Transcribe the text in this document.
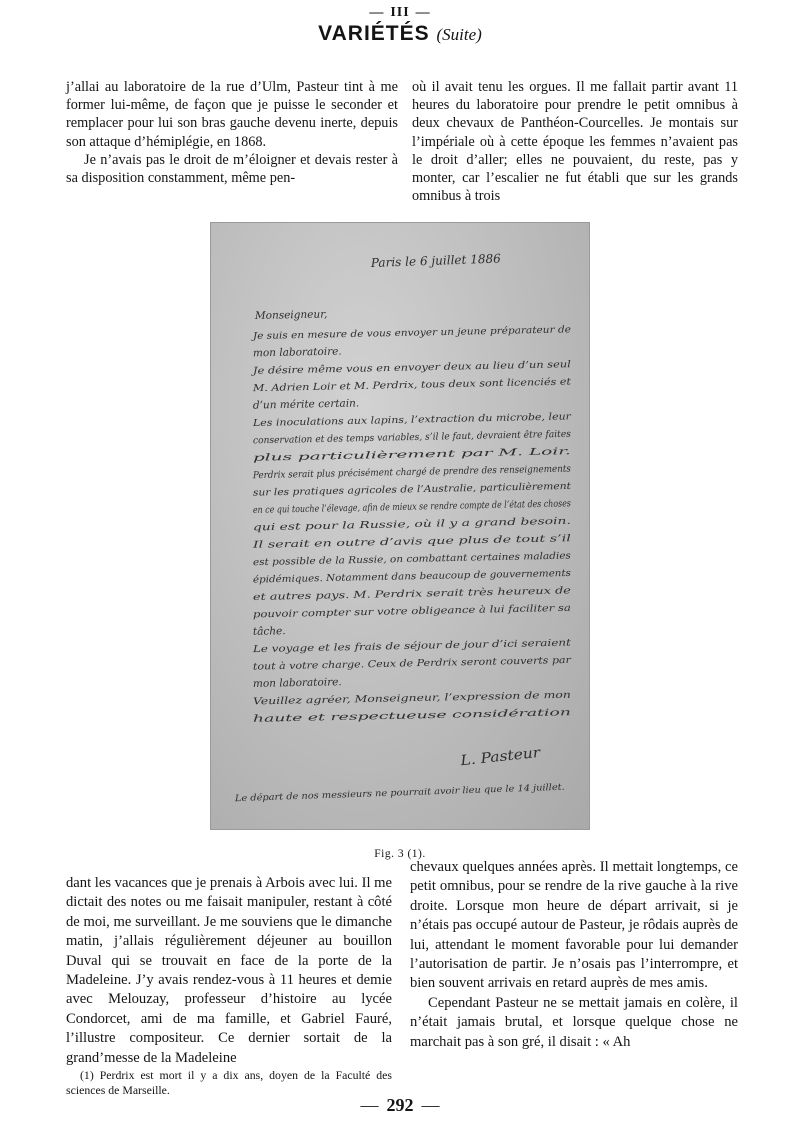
— III —
VARIÉTÉS (Suite)

j’allai au laboratoire de la rue d’Ulm, Pasteur tint à me former lui-même, de façon que je puisse le seconder et remplacer pour lui son bras gauche devenu inerte, depuis son attaque d’hémiplégie, en 1868.

Je n’avais pas le droit de m’éloigner et devais rester à sa disposition constamment, même pen-

où il avait tenu les orgues. Il me fallait partir avant 11 heures du laboratoire pour prendre le petit omnibus à deux chevaux de Panthéon-Courcelles. Je montais sur l’impériale où à cette époque les femmes n’avaient pas le droit d’aller; elles ne pouvaient, du reste, pas y monter, car l’escalier ne fut établi que sur les grands omnibus à trois

Paris le 6 juillet 1886
Monseigneur,
Je suis en mesure de vous envoyer un jeune préparateur de
mon laboratoire.
Je désire même vous en envoyer deux au lieu d’un seul
M. Adrien Loir et M. Perdrix, tous deux sont licenciés et
d’un mérite certain.
Les inoculations aux lapins, l’extraction du microbe, leur
conservation et des temps variables, s’il le faut, devraient être faites
plus particulièrement par M. Loir.
Perdrix serait plus précisément chargé de prendre des renseignements
sur les pratiques agricoles de l’Australie, particulièrement
en ce qui touche l’élevage, afin de mieux se rendre compte de l’état des choses
qui est pour la Russie, où il y a grand besoin.
Il serait en outre d’avis que plus de tout s’il
est possible de la Russie, on combattant certaines maladies
épidémiques. Notamment dans beaucoup de gouvernements
et autres pays. M. Perdrix serait très heureux de
pouvoir compter sur votre obligeance à lui faciliter sa
tâche.
Le voyage et les frais de séjour de jour d’ici seraient
tout à votre charge. Ceux de Perdrix seront couverts par
mon laboratoire.
Veuillez agréer, Monseigneur, l’expression de mon
haute et respectueuse considération
L. Pasteur
Le départ de nos messieurs ne pourrait avoir lieu que le 14 juillet.
Fig. 3 (1).

dant les vacances que je prenais à Arbois avec lui. Il me dictait des notes ou me faisait manipuler, restant à côté de moi, me surveillant. Je me souviens que le dimanche matin, j’allais régulièrement déjeuner au bouillon Duval qui se trouvait en face de la porte de la Madeleine. J’y avais rendez-vous à 11 heures et demie avec Melouzay, professeur d’histoire au lycée Condorcet, ami de ma famille, et Gabriel Fauré, l’illustre compositeur. Ce dernier sortait de la grand’messe de la Madeleine

chevaux quelques années après. Il mettait longtemps, ce petit omnibus, pour se rendre de la rive gauche à la rive droite. Lorsque mon heure de départ arrivait, si je n’étais pas occupé autour de Pasteur, je rôdais auprès de lui, attendant le moment favorable pour lui demander l’autorisation de partir. Je n’osais pas l’interrompre, et bien souvent arrivais en retard auprès de mes amis.

Cependant Pasteur ne se mettait jamais en colère, il n’était jamais brutal, et lorsque quelque chose ne marchait pas à son gré, il disait : « Ah

(1) Perdrix est mort il y a dix ans, doyen de la Faculté des sciences de Marseille.

— 292 —
